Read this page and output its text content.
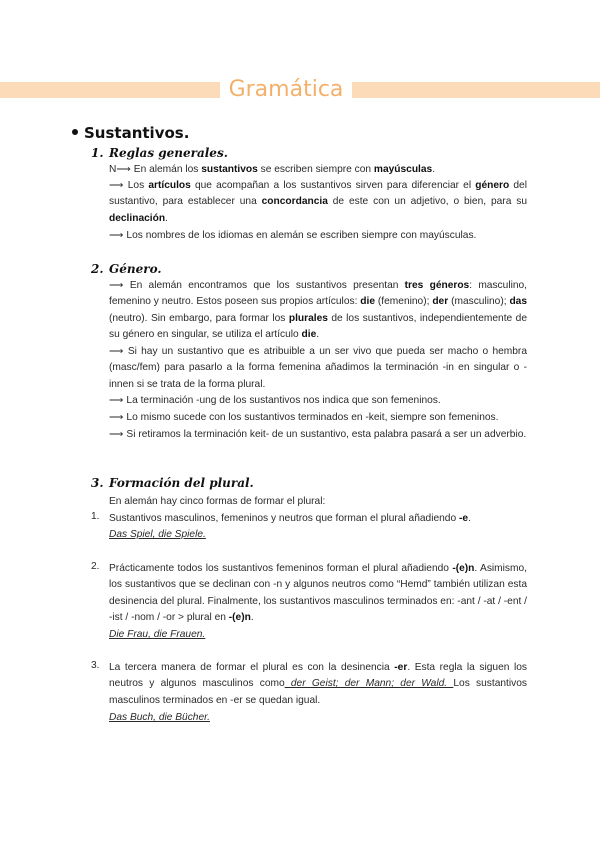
Gramática
Sustantivos.
1. Reglas generales.
N⟶ En alemán los sustantivos se escriben siempre con mayúsculas.
⟶ Los artículos que acompañan a los sustantivos sirven para diferenciar el género del sustantivo, para establecer una concordancia de este con un adjetivo, o bien, para su declinación.
⟶ Los nombres de los idiomas en alemán se escriben siempre con mayúsculas.
2. Género.
⟶ En alemán encontramos que los sustantivos presentan tres géneros: masculino, femenino y neutro. Estos poseen sus propios artículos: die (femenino); der (masculino); das (neutro). Sin embargo, para formar los plurales de los sustantivos, independientemente de su género en singular, se utiliza el artículo die.
⟶ Si hay un sustantivo que es atribuible a un ser vivo que pueda ser macho o hembra (masc/fem) para pasarlo a la forma femenina añadimos la terminación -in en singular o -innen si se trata de la forma plural.
⟶ La terminación -ung de los sustantivos nos indica que son femeninos.
⟶ Lo mismo sucede con los sustantivos terminados en -keit, siempre son femeninos.
⟶ Si retiramos la terminación keit- de un sustantivo, esta palabra pasará a ser un adverbio.
3. Formación del plural.
En alemán hay cinco formas de formar el plural:
1. Sustantivos masculinos, femeninos y neutros que forman el plural añadiendo -e.
Das Spiel, die Spiele.
2. Prácticamente todos los sustantivos femeninos forman el plural añadiendo -(e)n. Asimismo, los sustantivos que se declinan con -n y algunos neutros como “Hemd” también utilizan esta desinencia del plural. Finalmente, los sustantivos masculinos terminados en: -ant / -at / -ent / -ist / -nom / -or > plural en -(e)n.
Die Frau, die Frauen.
3. La tercera manera de formar el plural es con la desinencia -er. Esta regla la siguen los neutros y algunos masculinos como der Geist; der Mann; der Wald. Los sustantivos masculinos terminados en -er se quedan igual.
Das Buch, die Bücher.
